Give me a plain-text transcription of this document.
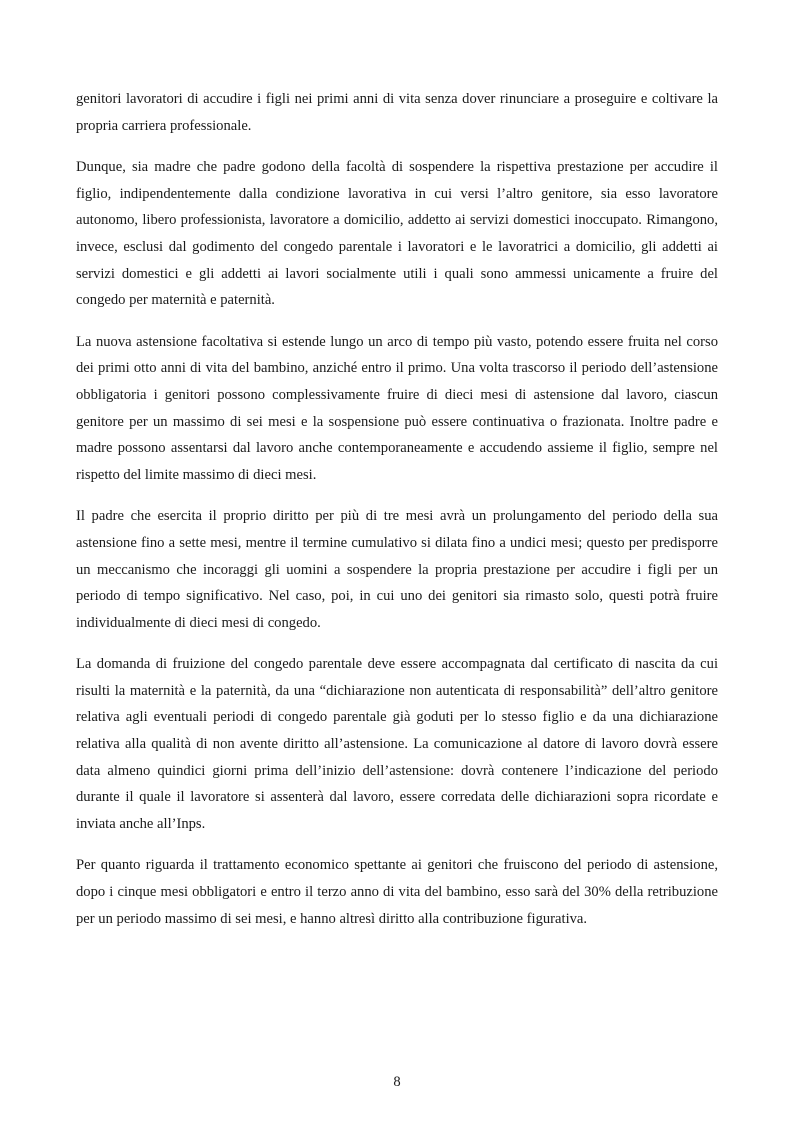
genitori lavoratori di accudire i figli nei primi anni di vita senza dover rinunciare a proseguire e coltivare la propria carriera professionale.

Dunque, sia madre che padre godono della facoltà di sospendere la rispettiva prestazione per accudire il figlio, indipendentemente dalla condizione lavorativa in cui versi l’altro genitore, sia esso lavoratore autonomo, libero professionista, lavoratore a domicilio, addetto ai servizi domestici inoccupato. Rimangono, invece, esclusi dal godimento del congedo parentale i lavoratori e le lavoratrici a domicilio, gli addetti ai servizi domestici e gli addetti ai lavori socialmente utili i quali sono ammessi unicamente a fruire del congedo per maternità e paternità.

La nuova astensione facoltativa si estende lungo un arco di tempo più vasto, potendo essere fruita nel corso dei primi otto anni di vita del bambino, anziché entro il primo. Una volta trascorso il periodo dell’astensione obbligatoria i genitori possono complessivamente fruire di dieci mesi di astensione dal lavoro, ciascun genitore per un massimo di sei mesi e la sospensione può essere continuativa o frazionata. Inoltre padre e madre possono assentarsi dal lavoro anche contemporaneamente e accudendo assieme il figlio, sempre nel rispetto del limite massimo di dieci mesi.

Il padre che esercita il proprio diritto per più di tre mesi avrà un prolungamento del periodo della sua astensione fino a sette mesi, mentre il termine cumulativo si dilata fino a undici mesi; questo per predisporre un meccanismo che incoraggi gli uomini a sospendere la propria prestazione per accudire i figli per un periodo di tempo significativo. Nel caso, poi, in cui uno dei genitori sia rimasto solo, questi potrà fruire individualmente di dieci mesi di congedo.

La domanda di fruizione del congedo parentale deve essere accompagnata dal certificato di nascita da cui risulti la maternità e la paternità, da una “dichiarazione non autenticata di responsabilità” dell’altro genitore relativa agli eventuali periodi di congedo parentale già goduti per lo stesso figlio e da una dichiarazione relativa alla qualità di non avente diritto all’astensione. La comunicazione al datore di lavoro dovrà essere data almeno quindici giorni prima dell’inizio dell’astensione: dovrà contenere l’indicazione del periodo durante il quale il lavoratore si assenterà dal lavoro, essere corredata delle dichiarazioni sopra ricordate e inviata anche all’Inps.

Per quanto riguarda il trattamento economico spettante ai genitori che fruiscono del periodo di astensione, dopo i cinque mesi obbligatori e entro il terzo anno di vita del bambino, esso sarà del 30% della retribuzione per un periodo massimo di sei mesi, e hanno altresì diritto alla contribuzione figurativa.

8
